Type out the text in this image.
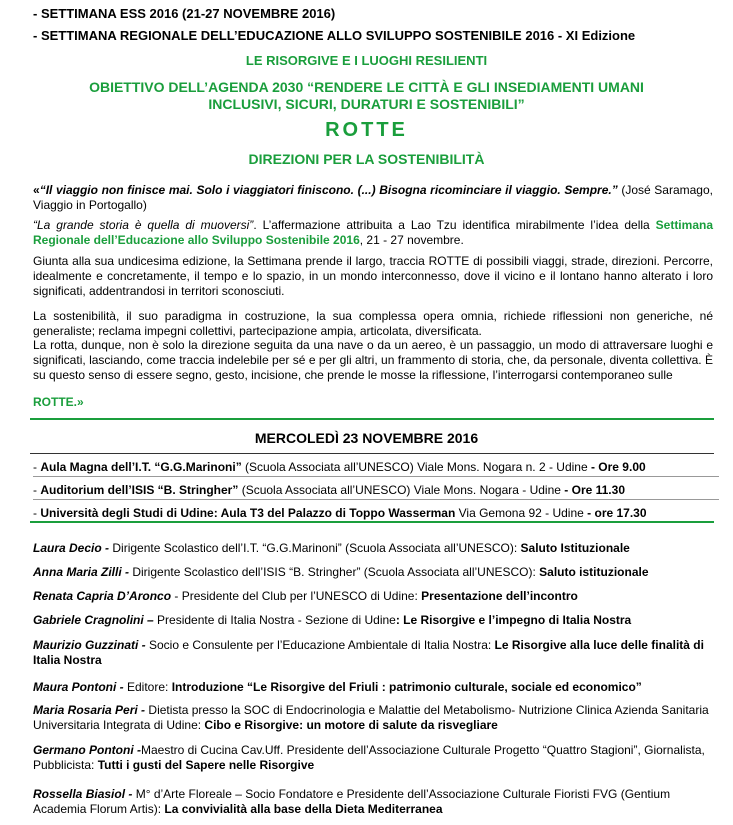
- SETTIMANA ESS 2016 (21-27 NOVEMBRE 2016)
- SETTIMANA REGIONALE DELL’EDUCAZIONE ALLO SVILUPPO SOSTENIBILE 2016 - XI Edizione
LE RISORGIVE E I LUOGHI RESILIENTI
OBIETTIVO DELL’AGENDA 2030 “RENDERE LE CITTÀ E GLI INSEDIAMENTI UMANI
INCLUSIVI, SICURI, DURATURI E SOSTENIBILI”
ROTTE
DIREZIONI PER LA SOSTENIBILITÀ
«“Il viaggio non finisce mai. Solo i viaggiatori finiscono. (...) Bisogna ricominciare il viaggio. Sempre.” (José Saramago, Viaggio in Portogallo)
“La grande storia è quella di muoversi”. L’affermazione attribuita a Lao Tzu identifica mirabilmente l’idea della Settimana Regionale dell’Educazione allo Sviluppo Sostenibile 2016, 21 - 27 novembre.
Giunta alla sua undicesima edizione, la Settimana prende il largo, traccia ROTTE di possibili viaggi, strade, direzioni. Percorre, idealmente e concretamente, il tempo e lo spazio, in un mondo interconnesso, dove il vicino e il lontano hanno alterato i loro significati, addentrandosi in territori sconosciuti.
La sostenibilità, il suo paradigma in costruzione, la sua complessa opera omnia, richiede riflessioni non generiche, né generaliste; reclama impegni collettivi, partecipazione ampia, articolata, diversificata.
La rotta, dunque, non è solo la direzione seguita da una nave o da un aereo, è un passaggio, un modo di attraversare luoghi e significati, lasciando, come traccia indelebile per sé e per gli altri, un frammento di storia, che, da personale, diventa collettiva. È su questo senso di essere segno, gesto, incisione, che prende le mosse la riflessione, l’interrogarsi contemporaneo sulle
ROTTE.»
MERCOLEDÌ 23 NOVEMBRE 2016
- Aula Magna dell’I.T. “G.G.Marinoni” (Scuola Associata all’UNESCO) Viale Mons. Nogara n. 2 - Udine - Ore 9.00
- Auditorium dell’ISIS “B. Stringher” (Scuola Associata all’UNESCO) Viale Mons. Nogara - Udine - Ore 11.30
- Università degli Studi di Udine: Aula T3 del Palazzo di Toppo Wasserman Via Gemona 92 - Udine - ore 17.30
Laura Decio - Dirigente Scolastico dell’I.T. “G.G.Marinoni” (Scuola Associata all’UNESCO): Saluto Istituzionale
Anna Maria Zilli - Dirigente Scolastico dell’ISIS “B. Stringher” (Scuola Associata all’UNESCO): Saluto istituzionale
Renata Capria D’Aronco - Presidente del Club per l’UNESCO di Udine: Presentazione dell’incontro
Gabriele Cragnolini – Presidente di Italia Nostra - Sezione di Udine: Le Risorgive e l’impegno di Italia Nostra
Maurizio Guzzinati - Socio e Consulente per l’Educazione Ambientale di Italia Nostra: Le Risorgive alla luce delle finalità di Italia Nostra
Maura Pontoni - Editore: Introduzione “Le Risorgive del Friuli : patrimonio culturale, sociale ed economico”
Maria Rosaria Peri - Dietista presso la SOC di Endocrinologia e Malattie del Metabolismo- Nutrizione Clinica Azienda Sanitaria Universitaria Integrata di Udine: Cibo e Risorgive: un motore di salute da risvegliare
Germano Pontoni -Maestro di Cucina Cav.Uff. Presidente dell’Associazione Culturale Progetto “Quattro Stagioni”, Giornalista, Pubblicista: Tutti i gusti del Sapere nelle Risorgive
Rossella Biasiol - M° d’Arte Floreale – Socio Fondatore e Presidente dell’Associazione Culturale Fioristi FVG (Gentium Academia Florum Artis): La convivialità alla base della Dieta Mediterranea
